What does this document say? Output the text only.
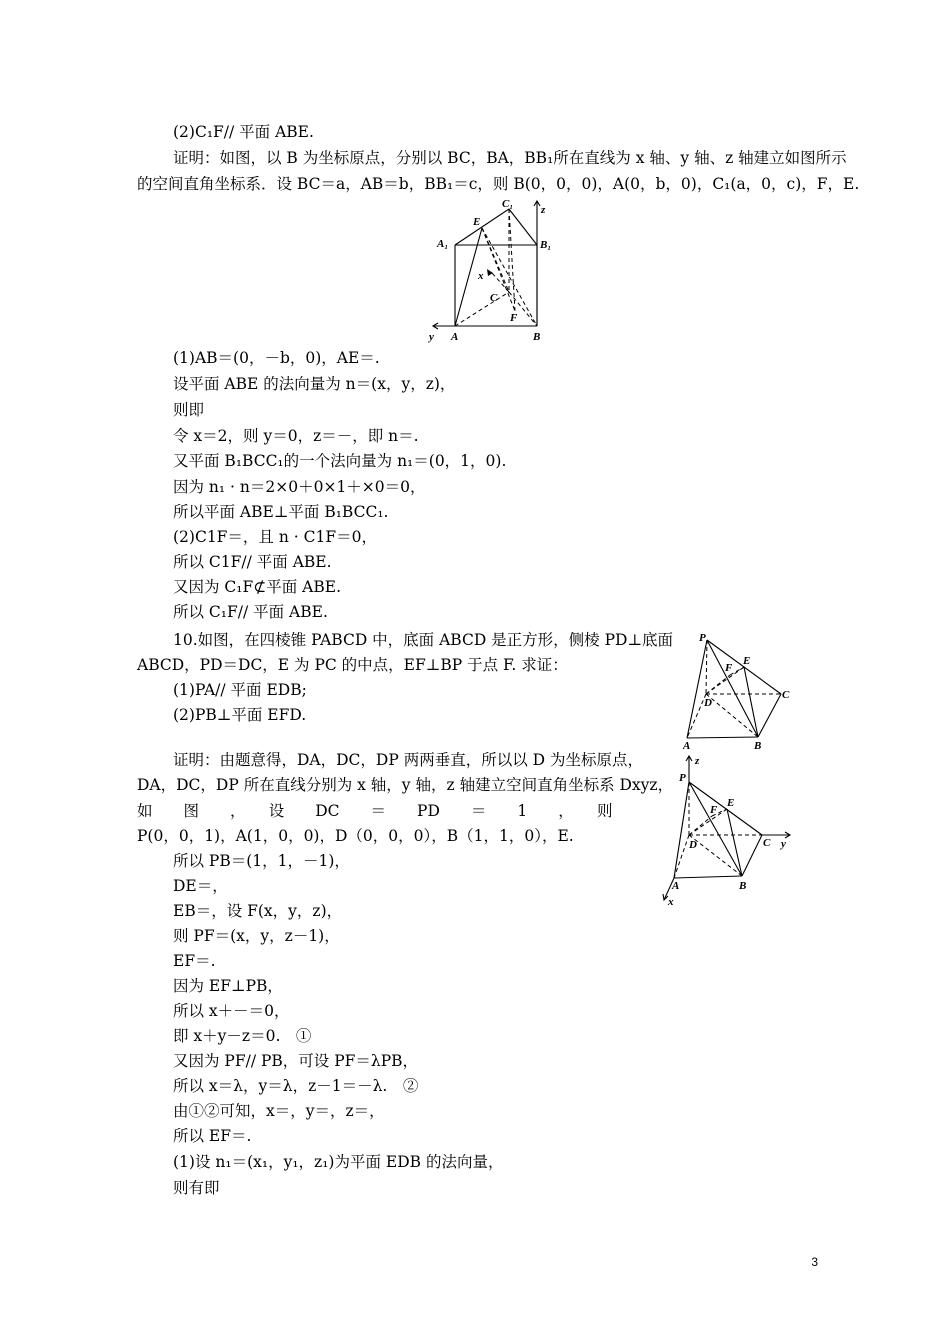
(2)C₁F// 平面 ABE.

证明：如图，以 B 为坐标原点，分别以 BC，BA，BB₁所在直线为 x 轴、y 轴、z 轴建立如图所示

的空间直角坐标系．设 BC＝a，AB＝b，BB₁＝c，则 B(0，0，0)，A(0，b，0)，C₁(a，0，c)，F，E.

A₁
E
C₁	z
B₁
x
C
F
y A	B

(1)AB＝(0，－b，0)，AE＝.

设平面 ABE 的法向量为 n＝(x，y，z)，

则即

令 x＝2，则 y＝0，z＝－，即 n＝.

又平面 B₁BCC₁的一个法向量为 n₁＝(0，1，0).

因为 n₁ · n＝2×0＋0×1＋×0＝0，

所以平面 ABE⊥平面 B₁BCC₁.

(2)C1F＝，且 n · C1F＝0，

所以 C1F// 平面 ABE.

又因为 C₁F⊄平面 ABE.

所以 C₁F// 平面 ABE.

10.如图，在四棱锥 PABCD 中，底面 ABCD 是正方形，侧棱 PD⊥底面

ABCD，PD＝DC，E 为 PC 的中点，EF⊥BP 于点 F. 求证：

(1)PA// 平面 EDB;

(2)PB⊥平面 EFD.

P
F
E
D
C
A	B

证明：由题意得，DA，DC，DP 两两垂直，所以以 D 为坐标原点，

DA，DC，DP 所在直线分别为 x 轴，y 轴，z 轴建立空间直角坐标系 Dxyz，

如　　图　　，　　设　　DC　　＝　　PD　　＝　　1　　，　　则

P(0，0，1)，A(1，0，0)，D（0，0，0），B（1，1，0），E.

z
P
E
F
D	C y
A	B
x

所以 PB＝(1，1，－1)，

DE＝，

EB＝，设 F(x，y，z)，

则 PF＝(x，y，z－1)，

EF＝.

因为 EF⊥PB，

所以 x＋－＝0，

即 x＋y－z＝0.　①

又因为 PF// PB，可设 PF＝λPB，

所以 x＝λ，y＝λ，z－1＝－λ.　②

由①②可知，x＝，y＝，z＝，

所以 EF＝.

(1)设 n₁＝(x₁，y₁，z₁)为平面 EDB 的法向量，

则有即

3
